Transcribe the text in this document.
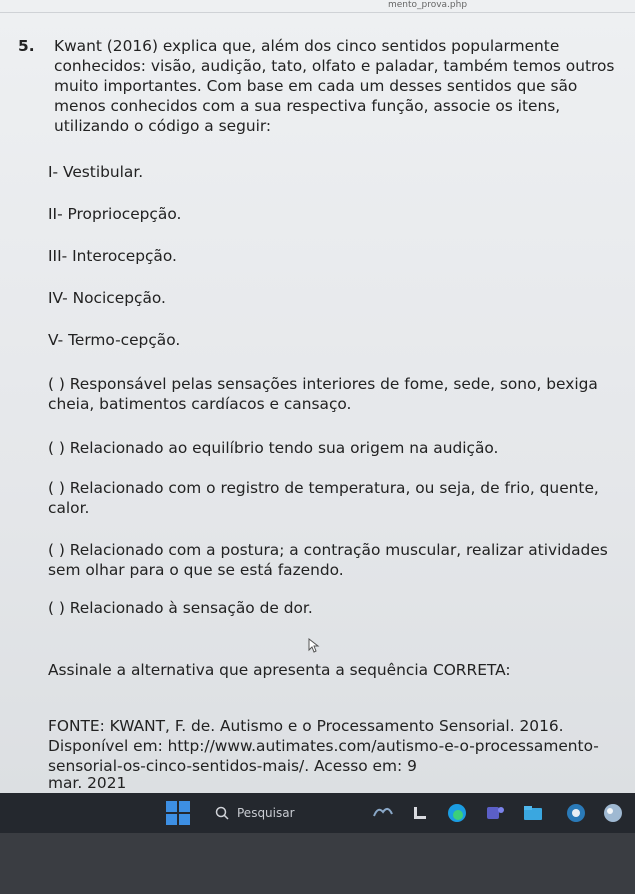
mento_prova.php
5. Kwant (2016) explica que, além dos cinco sentidos popularmente conhecidos: visão, audição, tato, olfato e paladar, também temos outros muito importantes. Com base em cada um desses sentidos que são menos conhecidos com a sua respectiva função, associe os itens, utilizando o código a seguir:
I- Vestibular.
II- Propriocepção.
III- Interocepção.
IV- Nocicepção.
V- Termo-cepção.
( ) Responsável pelas sensações interiores de fome, sede, sono, bexiga cheia, batimentos cardíacos e cansaço.
( ) Relacionado ao equilíbrio tendo sua origem na audição.
( ) Relacionado com o registro de temperatura, ou seja, de frio, quente, calor.
( ) Relacionado com a postura; a contração muscular, realizar atividades sem olhar para o que se está fazendo.
( ) Relacionado à sensação de dor.
Assinale a alternativa que apresenta a sequência CORRETA:
FONTE: KWANT, F. de. Autismo e o Processamento Sensorial. 2016. Disponível em: http://www.autimates.com/autismo-e-o-processamento-sensorial-os-cinco-sentidos-mais/. Acesso em: 9
mar. 2021
Pesquisar
